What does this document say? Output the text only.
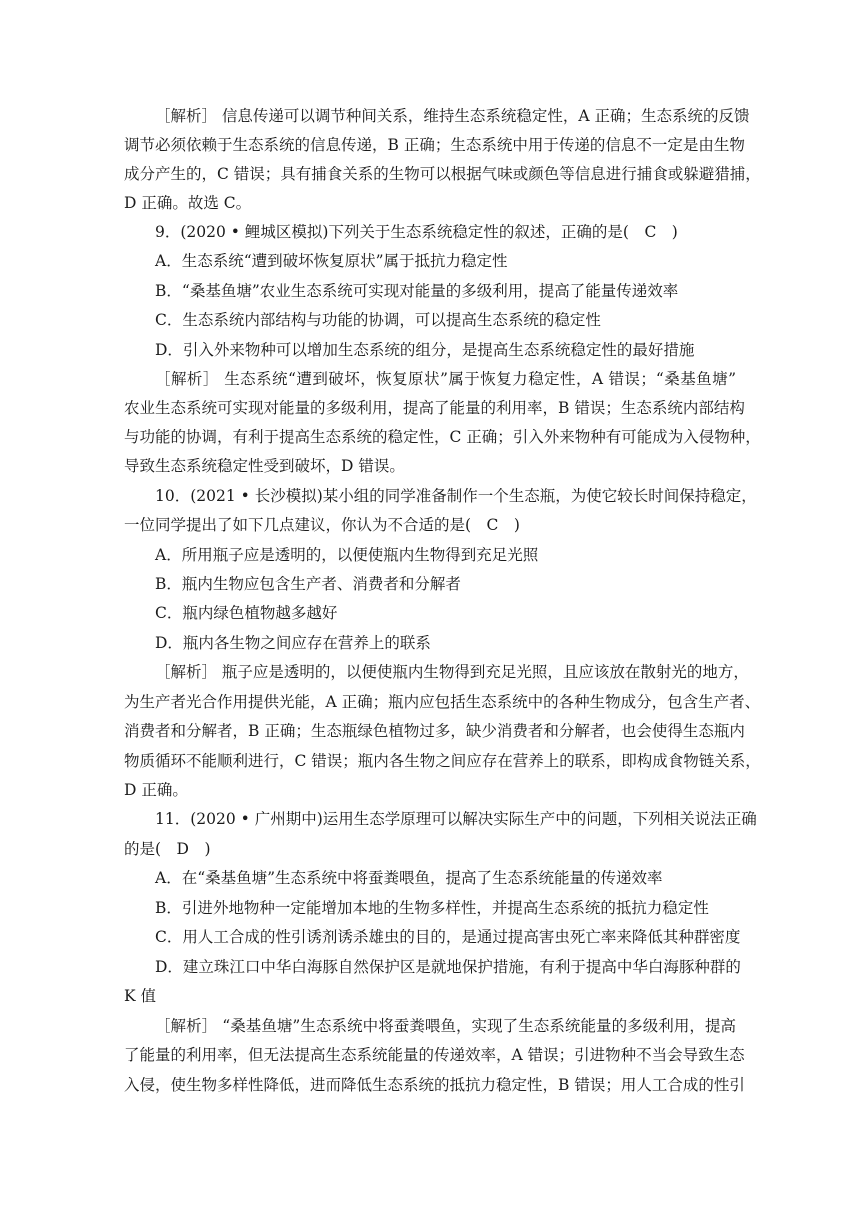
［解析］ 信息传递可以调节种间关系，维持生态系统稳定性，A 正确；生态系统的反馈
调节必须依赖于生态系统的信息传递，B 正确；生态系统中用于传递的信息不一定是由生物
成分产生的，C 错误；具有捕食关系的生物可以根据气味或颜色等信息进行捕食或躲避猎捕，
D 正确。故选 C。
9．(2020 • 鲤城区模拟)下列关于生态系统稳定性的叙述，正确的是(　C　)
A．生态系统“遭到破坏恢复原状”属于抵抗力稳定性
B．“桑基鱼塘”农业生态系统可实现对能量的多级利用，提高了能量传递效率
C．生态系统内部结构与功能的协调，可以提高生态系统的稳定性
D．引入外来物种可以增加生态系统的组分，是提高生态系统稳定性的最好措施
［解析］ 生态系统“遭到破坏，恢复原状”属于恢复力稳定性，A 错误；“桑基鱼塘”
农业生态系统可实现对能量的多级利用，提高了能量的利用率，B 错误；生态系统内部结构
与功能的协调，有利于提高生态系统的稳定性，C 正确；引入外来物种有可能成为入侵物种，
导致生态系统稳定性受到破坏，D 错误。
10．(2021 • 长沙模拟)某小组的同学准备制作一个生态瓶，为使它较长时间保持稳定，
一位同学提出了如下几点建议，你认为不合适的是(　C　)
A．所用瓶子应是透明的，以便使瓶内生物得到充足光照
B．瓶内生物应包含生产者、消费者和分解者
C．瓶内绿色植物越多越好
D．瓶内各生物之间应存在营养上的联系
［解析］ 瓶子应是透明的，以便使瓶内生物得到充足光照，且应该放在散射光的地方，
为生产者光合作用提供光能，A 正确；瓶内应包括生态系统中的各种生物成分，包含生产者、
消费者和分解者，B 正确；生态瓶绿色植物过多，缺少消费者和分解者，也会使得生态瓶内
物质循环不能顺利进行，C 错误；瓶内各生物之间应存在营养上的联系，即构成食物链关系，
D 正确。
11．(2020 • 广州期中)运用生态学原理可以解决实际生产中的问题，下列相关说法正确
的是(　D　)
A．在“桑基鱼塘”生态系统中将蚕粪喂鱼，提高了生态系统能量的传递效率
B．引进外地物种一定能增加本地的生物多样性，并提高生态系统的抵抗力稳定性
C．用人工合成的性引诱剂诱杀雄虫的目的，是通过提高害虫死亡率来降低其种群密度
D．建立珠江口中华白海豚自然保护区是就地保护措施，有利于提高中华白海豚种群的
K 值
［解析］ “桑基鱼塘”生态系统中将蚕粪喂鱼，实现了生态系统能量的多级利用，提高
了能量的利用率，但无法提高生态系统能量的传递效率，A 错误；引进物种不当会导致生态
入侵，使生物多样性降低，进而降低生态系统的抵抗力稳定性，B 错误；用人工合成的性引
